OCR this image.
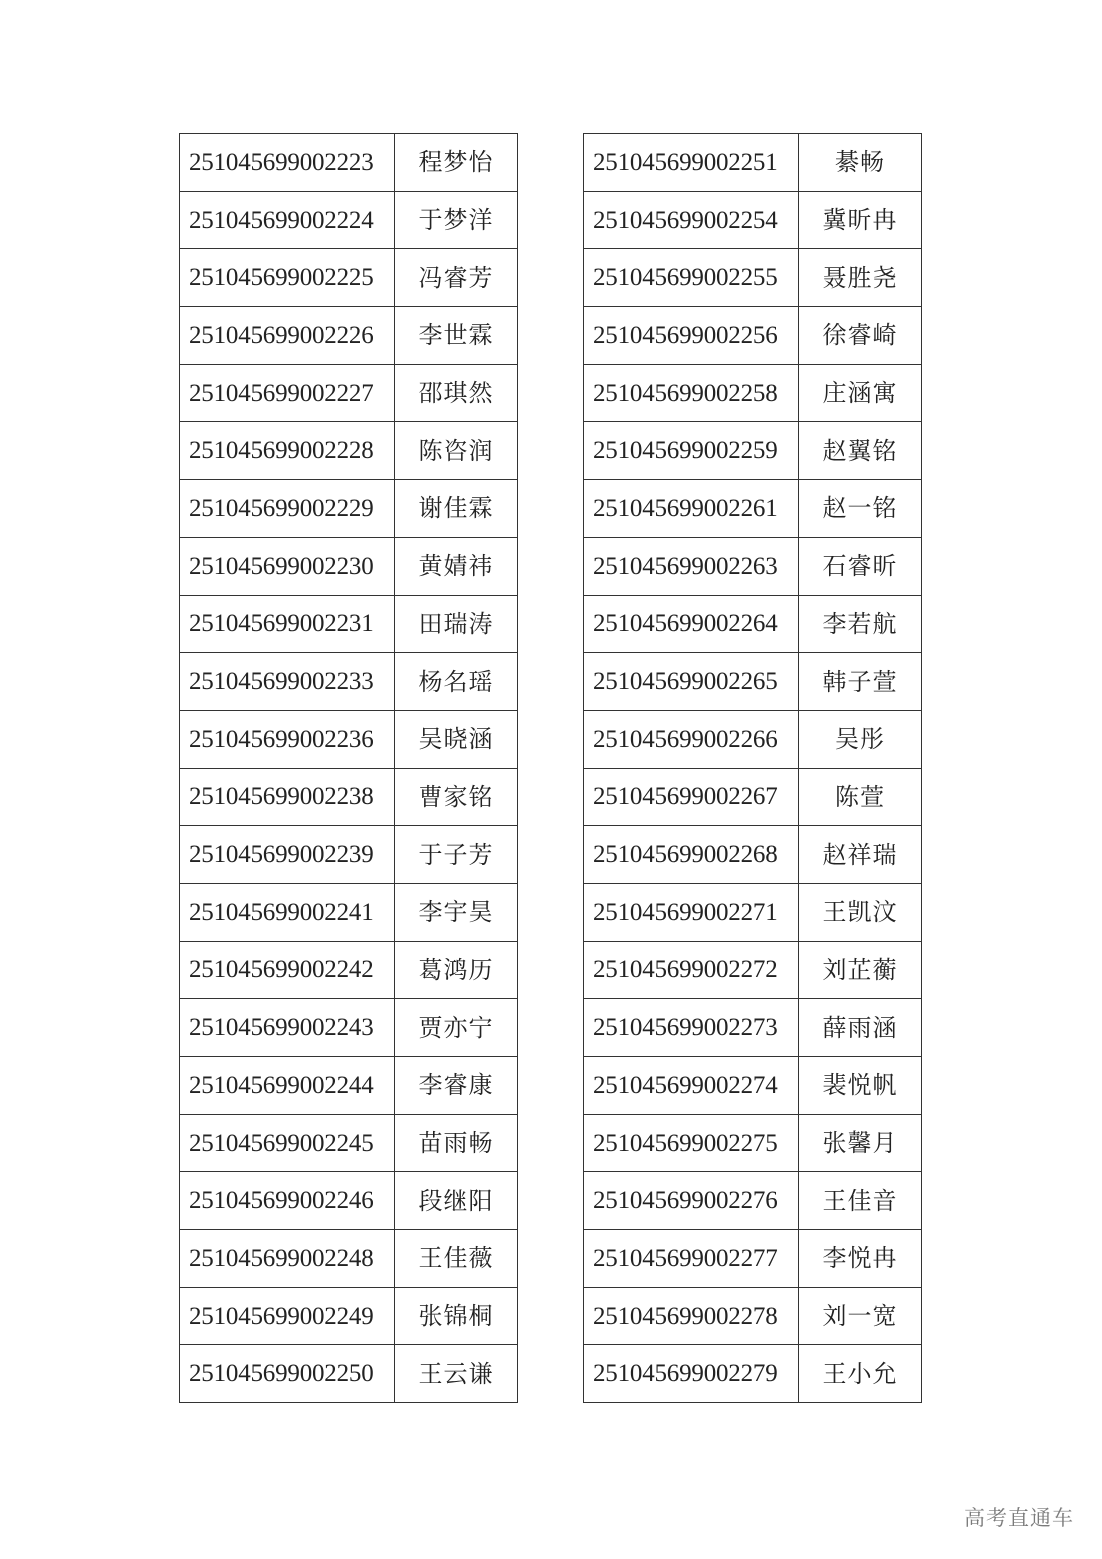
251045699002223	程梦怡
251045699002224	于梦洋
251045699002225	冯睿芳
251045699002226	李世霖
251045699002227	邵琪然
251045699002228	陈咨润
251045699002229	谢佳霖
251045699002230	黄婧祎
251045699002231	田瑞涛
251045699002233	杨名瑶
251045699002236	吴晓涵
251045699002238	曹家铭
251045699002239	于子芳
251045699002241	李宇昊
251045699002242	葛鸿历
251045699002243	贾亦宁
251045699002244	李睿康
251045699002245	苗雨畅
251045699002246	段继阳
251045699002248	王佳薇
251045699002249	张锦桐
251045699002250	王云谦
251045699002251	綦畅
251045699002254	冀昕冉
251045699002255	聂胜尧
251045699002256	徐睿崎
251045699002258	庄涵寓
251045699002259	赵翼铭
251045699002261	赵一铭
251045699002263	石睿昕
251045699002264	李若航
251045699002265	韩子萱
251045699002266	吴彤
251045699002267	陈萱
251045699002268	赵祥瑞
251045699002271	王凯汶
251045699002272	刘芷蘅
251045699002273	薛雨涵
251045699002274	裴悦帆
251045699002275	张馨月
251045699002276	王佳音
251045699002277	李悦冉
251045699002278	刘一宽
251045699002279	王小允
高考直通车
